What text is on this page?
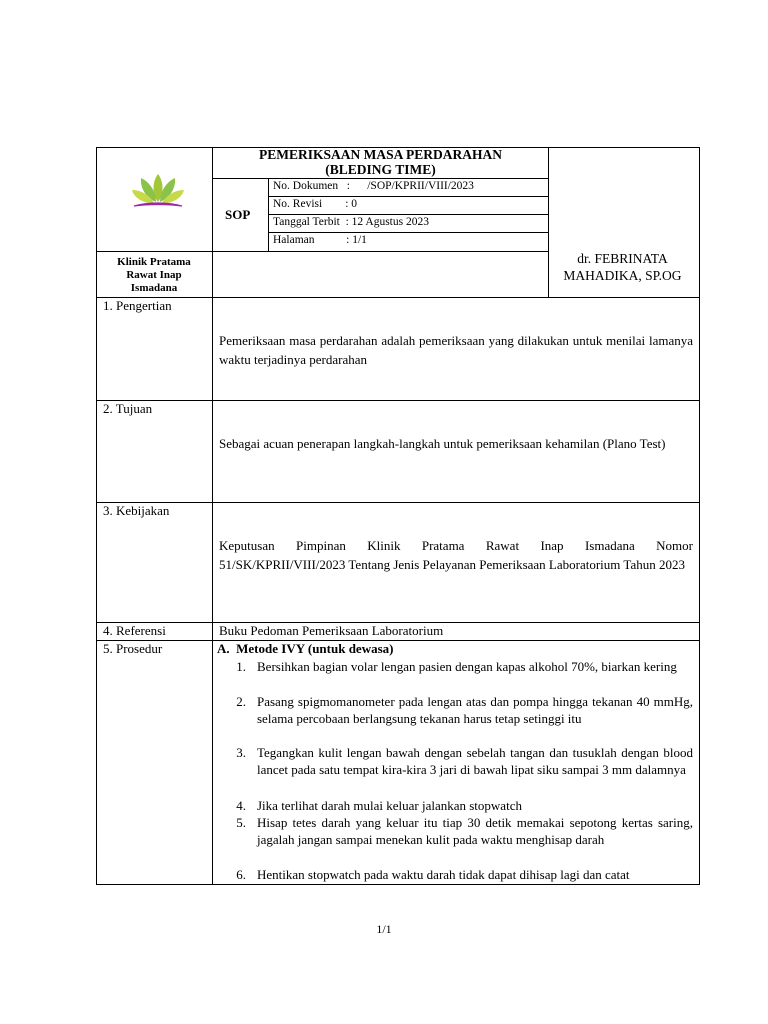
PEMERIKSAAN MASA PERDARAHAN
(BLEDING TIME)
SOP
No. Dokumen   :      /SOP/KPRII/VIII/2023
No. Revisi        : 0
Tanggal Terbit  : 12 Agustus 2023
Halaman           : 1/1
Klinik Pratama
Rawat Inap
Ismadana
dr. FEBRINATA
MAHADIKA, SP.OG
1. Pengertian
2. Tujuan
3. Kebijakan
4. Referensi
5. Prosedur
Pemeriksaan masa perdarahan adalah pemeriksaan yang dilakukan untuk menilai lamanya waktu terjadinya perdarahan
Sebagai acuan penerapan langkah-langkah untuk pemeriksaan kehamilan (Plano Test)
Keputusan Pimpinan Klinik Pratama Rawat Inap Ismadana Nomor 51/SK/KPRII/VIII/2023 Tentang Jenis Pelayanan Pemeriksaan Laboratorium Tahun 2023
Buku Pedoman Pemeriksaan Laboratorium
A.  Metode IVY (untuk dewasa)
1. Bersihkan bagian volar lengan pasien dengan kapas alkohol 70%, biarkan kering
2. Pasang spigmomanometer pada lengan atas dan pompa hingga tekanan 40 mmHg, selama percobaan berlangsung tekanan harus tetap setinggi itu
3. Tegangkan kulit lengan bawah dengan sebelah tangan dan tusuklah dengan blood lancet pada satu tempat kira-kira 3 jari di bawah lipat siku sampai 3 mm dalamnya
4. Jika terlihat darah mulai keluar jalankan stopwatch
5. Hisap tetes darah yang keluar itu tiap 30 detik memakai sepotong kertas saring, jagalah jangan sampai menekan kulit pada waktu menghisap darah
6. Hentikan stopwatch pada waktu darah tidak dapat dihisap lagi dan catat
1/1
